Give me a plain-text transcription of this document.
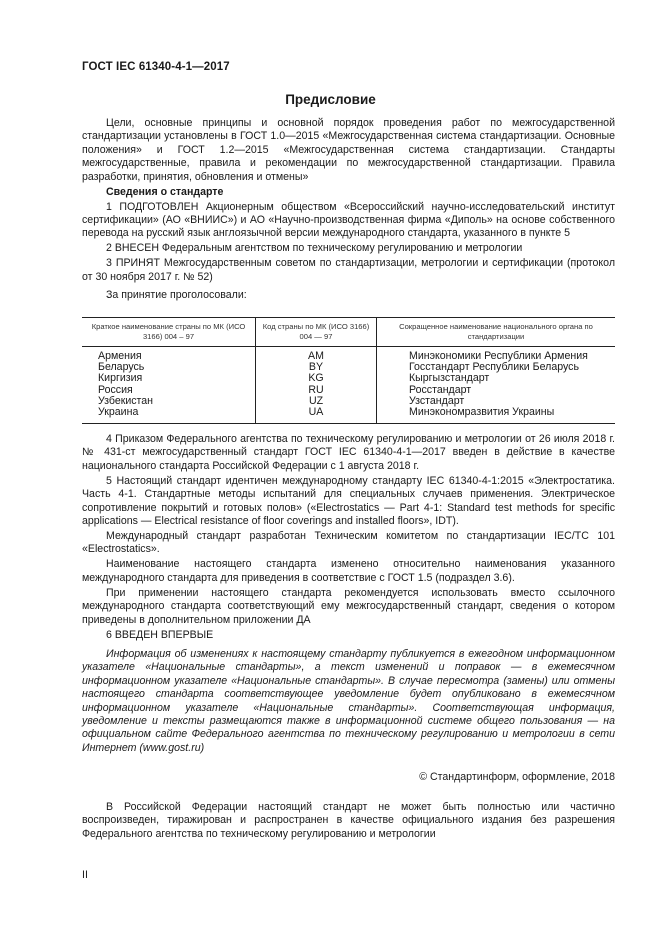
ГОСТ IEC 61340-4-1—2017
Предисловие

Цели, основные принципы и основной порядок проведения работ по межгосударственной стандартизации установлены в ГОСТ 1.0—2015 «Межгосударственная система стандартизации. Основные положения» и ГОСТ 1.2—2015 «Межгосударственная система стандартизации. Стандарты межгосударственные, правила и рекомендации по межгосударственной стандартизации. Правила разработки, принятия, обновления и отмены»

Сведения о стандарте

1 ПОДГОТОВЛЕН Акционерным обществом «Всероссийский научно-исследовательский институт сертификации» (АО «ВНИИС») и АО «Научно-производственная фирма «Диполь» на основе собственного перевода на русский язык англоязычной версии международного стандарта, указанного в пункте 5

2 ВНЕСЕН Федеральным агентством по техническому регулированию и метрологии

3 ПРИНЯТ Межгосударственным советом по стандартизации, метрологии и сертификации (протокол от 30 ноября 2017 г. № 52)

За принятие проголосовали:

Краткое наименование страны по МК (ИСО 3166) 004 – 97	Код страны по МК (ИСО 3166) 004 — 97	Сокращенное наименование национального органа по стандартизации
Армения	AM	Минэкономики Республики Армения
Беларусь	BY	Госстандарт Республики Беларусь
Киргизия	KG	Кыргызстандарт
Россия	RU	Росстандарт
Узбекистан	UZ	Узстандарт
Украина	UA	Минэкономразвития Украины

4 Приказом Федерального агентства по техническому регулированию и метрологии от 26 июля 2018 г. № 431-ст межгосударственный стандарт ГОСТ IEC 61340-4-1—2017 введен в действие в качестве национального стандарта Российской Федерации с 1 августа 2018 г.

5 Настоящий стандарт идентичен международному стандарту IEC 61340-4-1:2015 «Электростатика. Часть 4-1. Стандартные методы испытаний для специальных случаев применения. Электрическое сопротивление покрытий и готовых полов» («Electrostatics — Part 4-1: Standard test methods for specific applications — Electrical resistance of floor coverings and installed floors», IDT).

Международный стандарт разработан Техническим комитетом по стандартизации IEC/TC 101 «Electrostatics».

Наименование настоящего стандарта изменено относительно наименования указанного международного стандарта для приведения в соответствие с ГОСТ 1.5 (подраздел 3.6).

При применении настоящего стандарта рекомендуется использовать вместо ссылочного международного стандарта соответствующий ему межгосударственный стандарт, сведения о котором приведены в дополнительном приложении ДА

6 ВВЕДЕН ВПЕРВЫЕ

Информация об изменениях к настоящему стандарту публикуется в ежегодном информационном указателе «Национальные стандарты», а текст изменений и поправок — в ежемесячном информационном указателе «Национальные стандарты». В случае пересмотра (замены) или отмены настоящего стандарта соответствующее уведомление будет опубликовано в ежемесячном информационном указателе «Национальные стандарты». Соответствующая информация, уведомление и тексты размещаются также в информационной системе общего пользования — на официальном сайте Федерального агентства по техническому регулированию и метрологии в сети Интернет (www.gost.ru)

© Стандартинформ, оформление, 2018

В Российской Федерации настоящий стандарт не может быть полностью или частично воспроизведен, тиражирован и распространен в качестве официального издания без разрешения Федерального агентства по техническому регулированию и метрологии

II
